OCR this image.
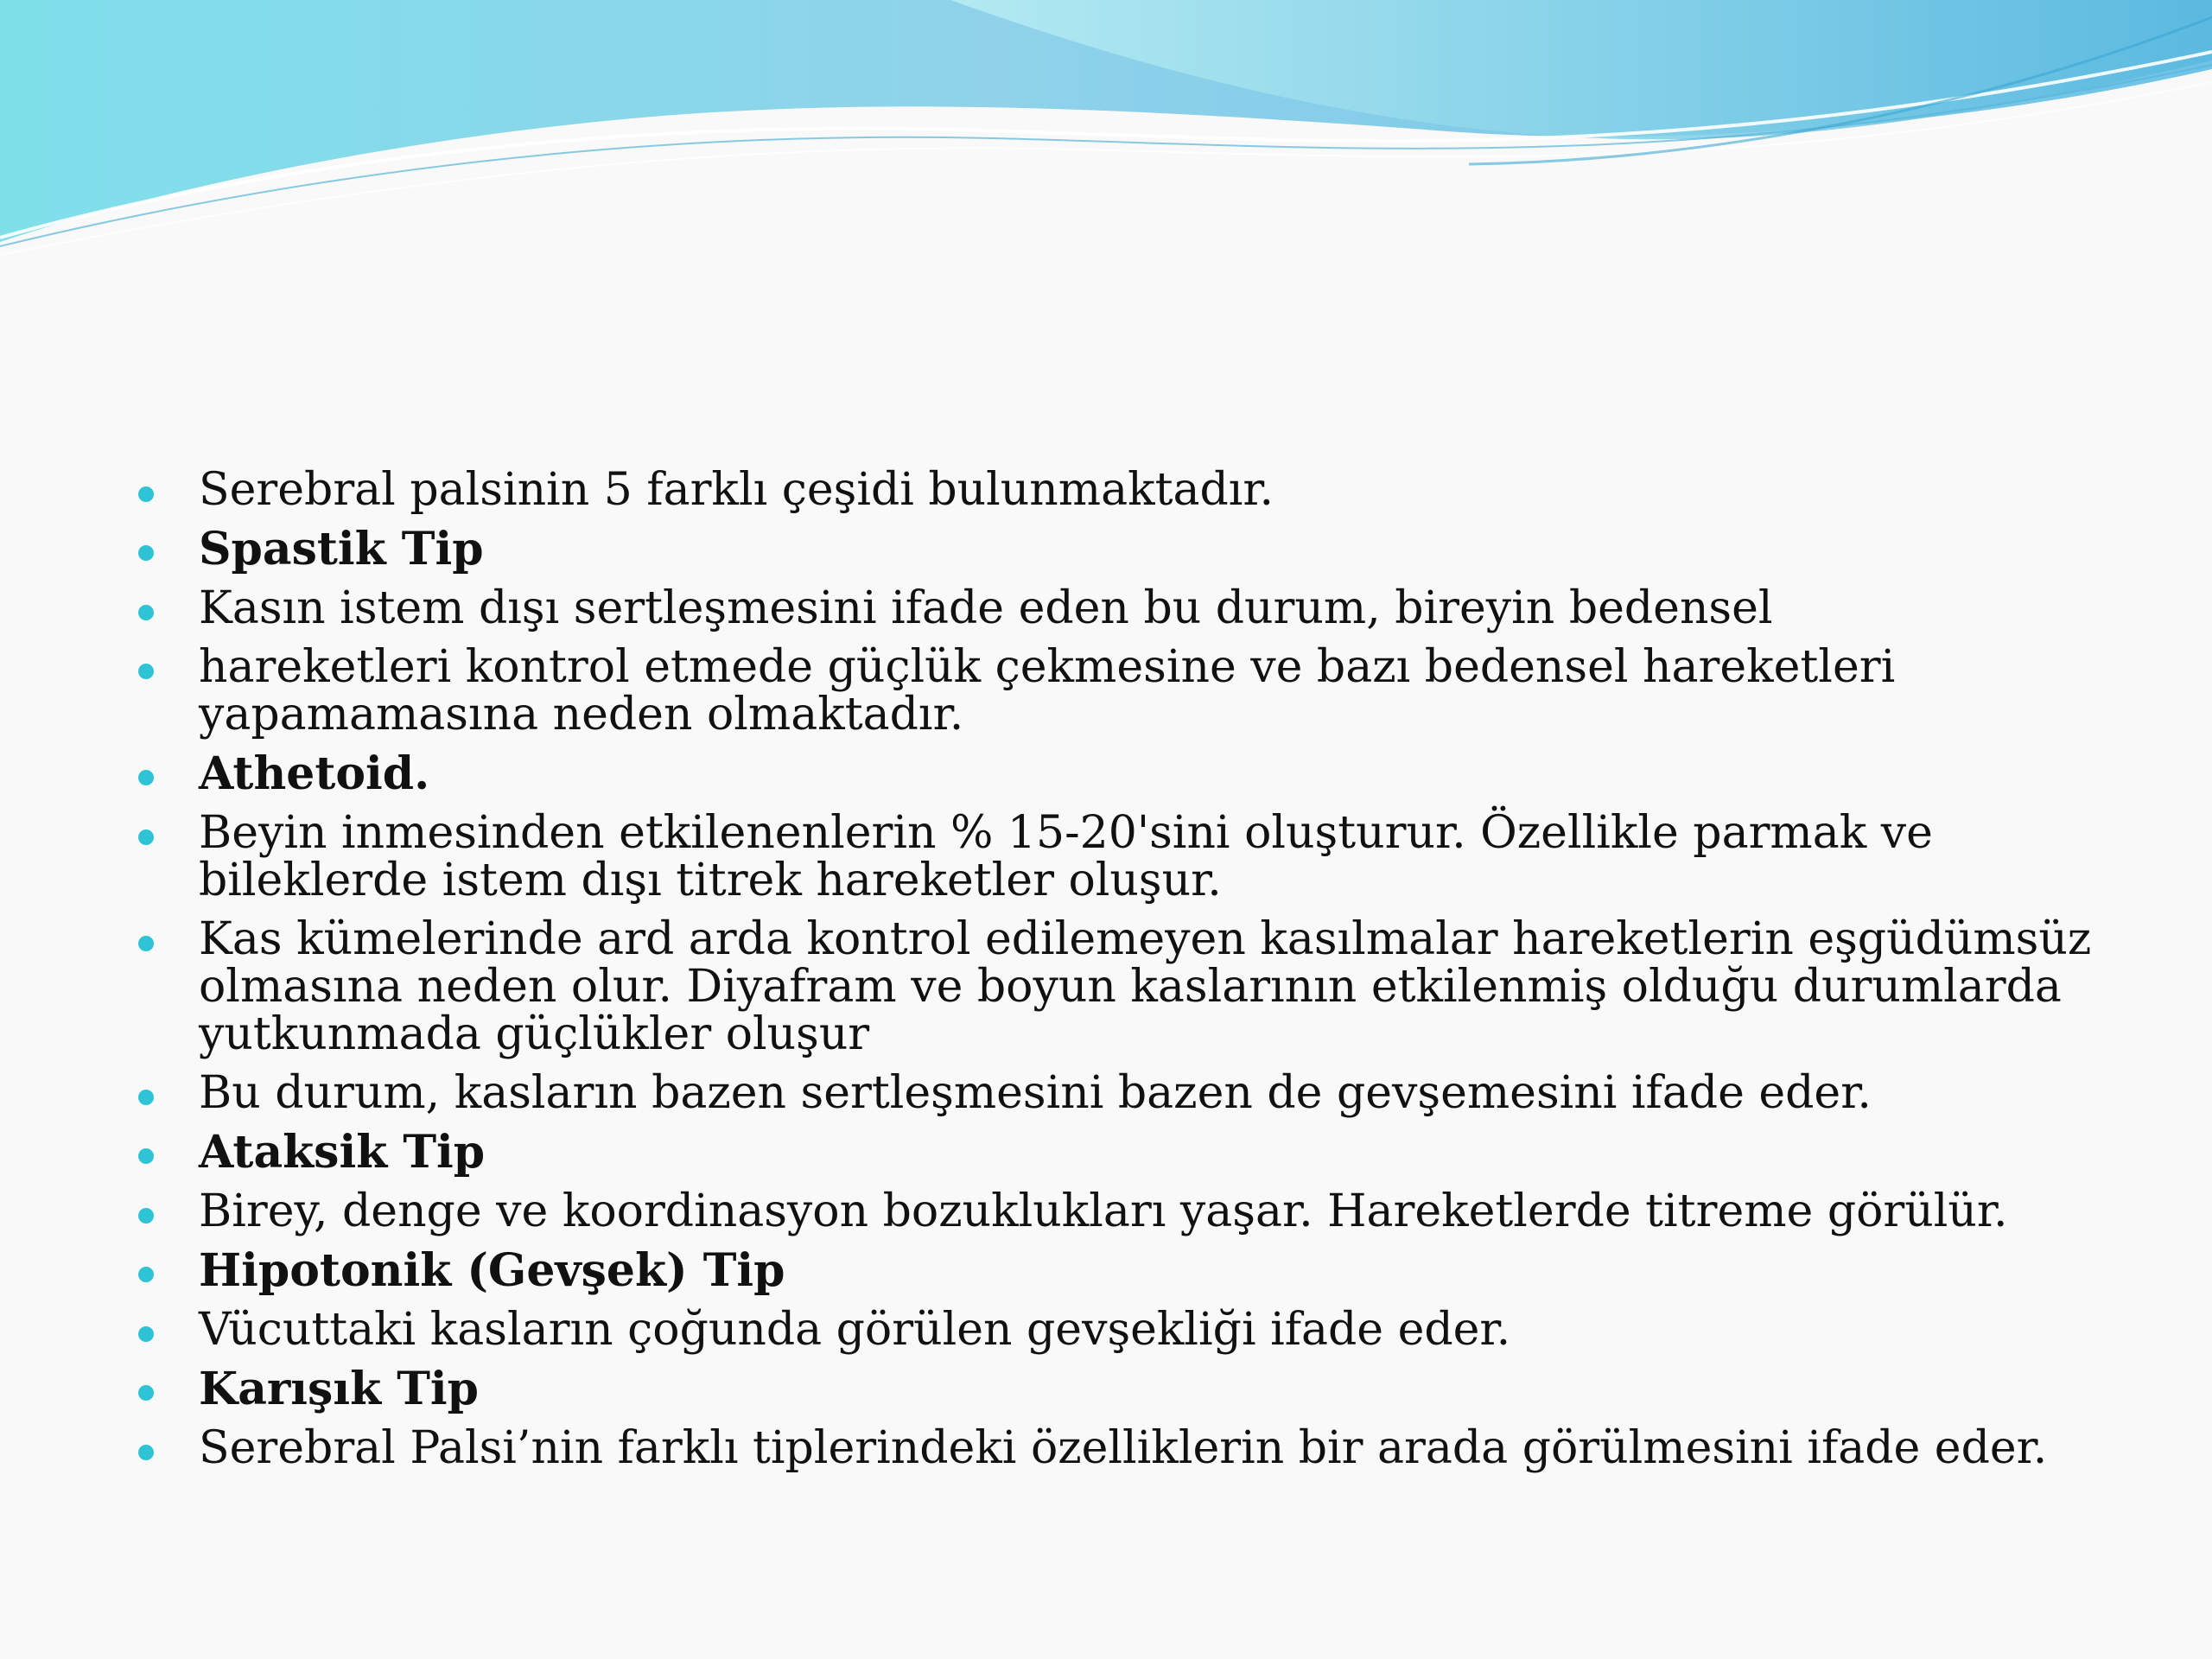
Serebral palsinin 5 farklı çeşidi bulunmaktadır.
Spastik Tip
Kasın istem dışı sertleşmesini ifade eden bu durum, bireyin bedensel
hareketleri kontrol etmede güçlük çekmesine ve bazı bedensel hareketleri yapamamasına neden olmaktadır.
Athetoid.
Beyin inmesinden etkilenenlerin % 15-20'sini oluşturur. Özellikle parmak ve bileklerde istem dışı titrek hareketler oluşur.
Kas kümelerinde ard arda kontrol edilemeyen kasılmalar hareketlerin eşgüdümsüz olmasına neden olur. Diyafram ve boyun kaslarının etkilenmiş olduğu durumlarda yutkunmada güçlükler oluşur
Bu durum, kasların bazen sertleşmesini bazen de gevşemesini ifade eder.
Ataksik Tip
Birey, denge ve koordinasyon bozuklukları yaşar. Hareketlerde titreme görülür.
Hipotonik (Gevşek) Tip
Vücuttaki kasların çoğunda görülen gevşekliği ifade eder.
Karışık Tip
Serebral Palsi’nin farklı tiplerindeki özelliklerin bir arada görülmesini ifade eder.
